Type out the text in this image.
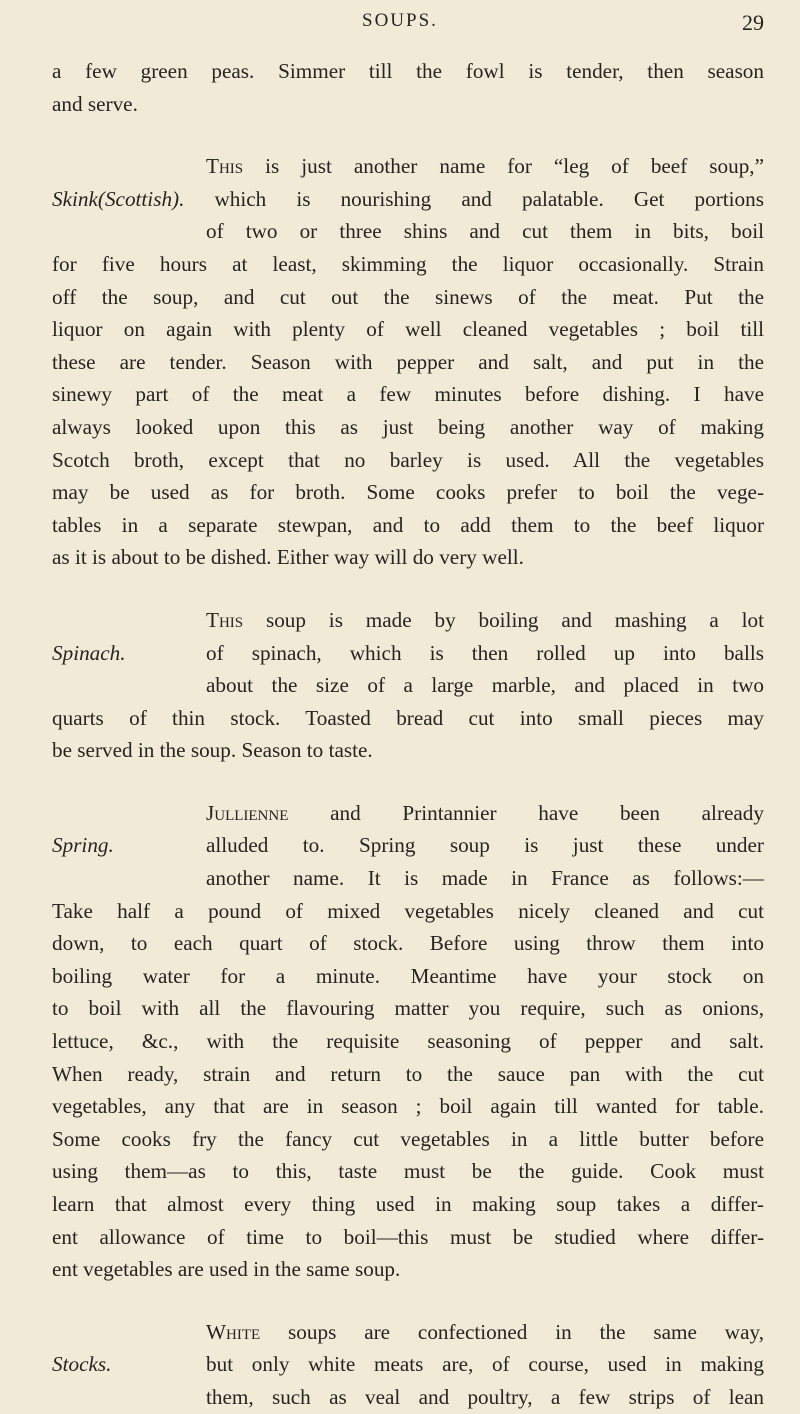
SOUPS.	29
a few green peas. Simmer till the fowl is tender, then season
and serve.
This is just another name for “leg of beef soup,”
Skink(Scottish). which is nourishing and palatable. Get portions
of two or three shins and cut them in bits, boil
for five hours at least, skimming the liquor occasionally. Strain
off the soup, and cut out the sinews of the meat. Put the
liquor on again with plenty of well cleaned vegetables ; boil till
these are tender. Season with pepper and salt, and put in the
sinewy part of the meat a few minutes before dishing. I have
always looked upon this as just being another way of making
Scotch broth, except that no barley is used. All the vegetables
may be used as for broth. Some cooks prefer to boil the vege-
tables in a separate stewpan, and to add them to the beef liquor
as it is about to be dished. Either way will do very well.
This soup is made by boiling and mashing a lot
Spinach.	of spinach, which is then rolled up into balls
about the size of a large marble, and placed in two
quarts of thin stock. Toasted bread cut into small pieces may
be served in the soup. Season to taste.
Jullienne and Printannier have been already
Spring.	alluded to. Spring soup is just these under
another name. It is made in France as follows:—
Take half a pound of mixed vegetables nicely cleaned and cut
down, to each quart of stock. Before using throw them into
boiling water for a minute. Meantime have your stock on
to boil with all the flavouring matter you require, such as onions,
lettuce, &c., with the requisite seasoning of pepper and salt.
When ready, strain and return to the sauce pan with the cut
vegetables, any that are in season ; boil again till wanted for table.
Some cooks fry the fancy cut vegetables in a little butter before
using them—as to this, taste must be the guide. Cook must
learn that almost every thing used in making soup takes a differ-
ent allowance of time to boil—this must be studied where differ-
ent vegetables are used in the same soup.
White soups are confectioned in the same way,
Stocks.	but only white meats are, of course, used in making
them, such as veal and poultry, a few strips of lean
